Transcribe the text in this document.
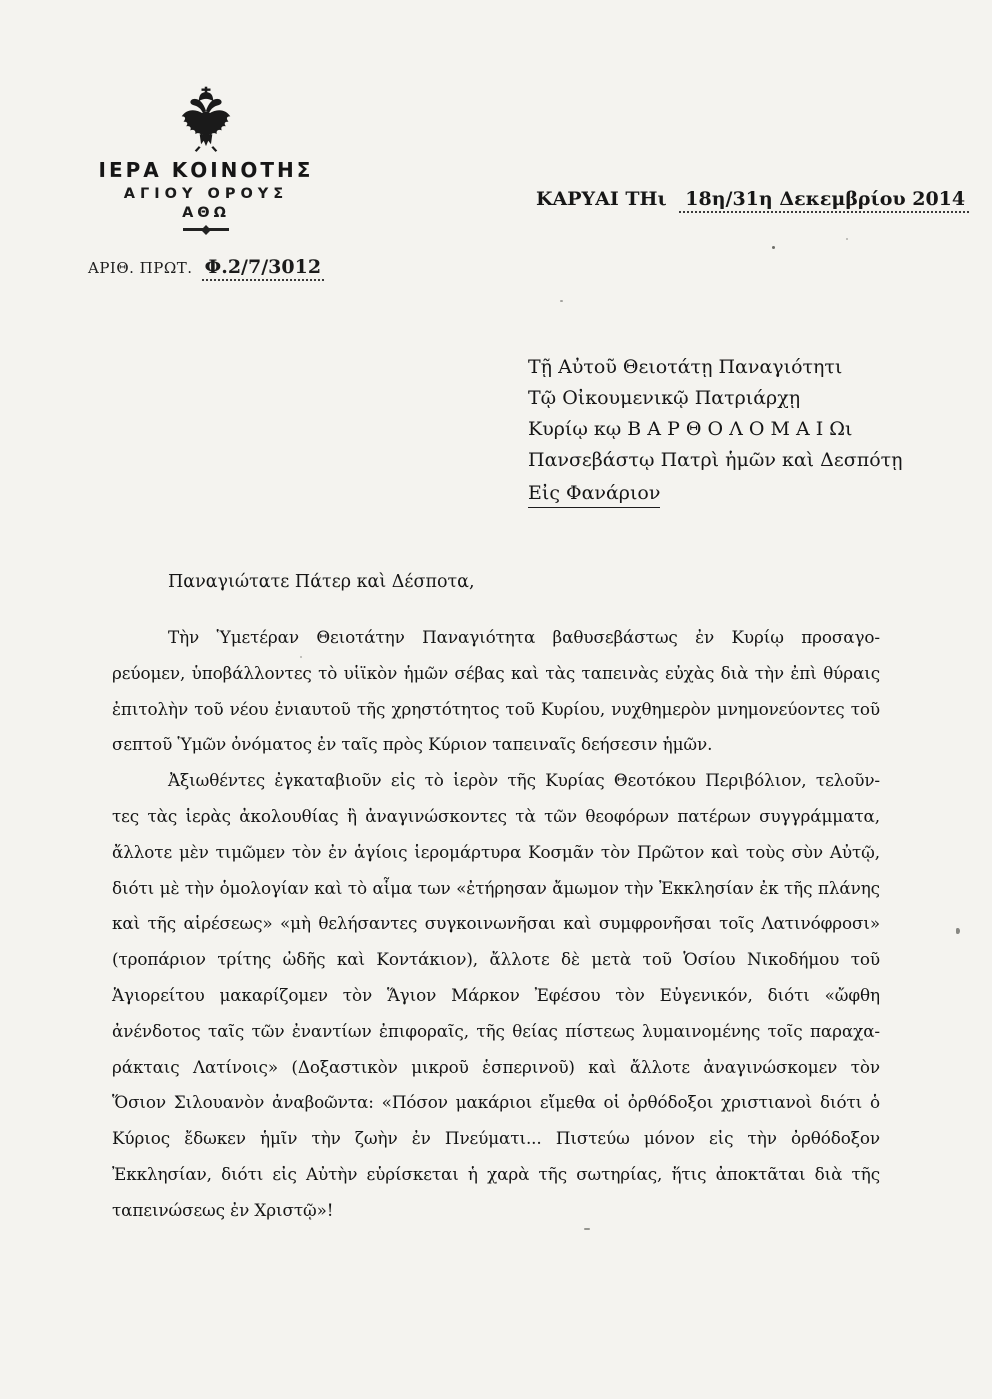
ΙΕΡΑ ΚΟΙΝΟΤΗΣ
ΑΓΙΟΥ ΟΡΟΥΣ
ΑΘΩ
ΑΡΙΘ. ΠΡΩΤ. Φ.2/7/3012
ΚΑΡΥΑΙ ΤΗι 18η/31η Δεκεμβρίου 2014
Τῇ Αὐτοῦ Θειοτάτῃ Παναγιότητι
Τῷ Οἰκουμενικῷ Πατριάρχῃ
Κυρίῳ κῳ Β Α Ρ Θ Ο Λ Ο Μ Α Ι Ωι
Πανσεβάστῳ Πατρὶ ἡμῶν καὶ Δεσπότῃ
Εἰς Φανάριον
Παναγιώτατε Πάτερ καὶ Δέσποτα,
Τὴν Ὑμετέραν Θειοτάτην Παναγιότητα βαθυσεβάστως ἐν Κυρίῳ προσαγο-
ρεύομεν, ὑποβάλλοντες τὸ υἱϊκὸν ἡμῶν σέβας καὶ τὰς ταπεινὰς εὐχὰς διὰ τὴν ἐπὶ θύραις
ἐπιτολὴν τοῦ νέου ἐνιαυτοῦ τῆς χρηστότητος τοῦ Κυρίου, νυχθημερὸν μνημονεύοντες τοῦ
σεπτοῦ Ὑμῶν ὀνόματος ἐν ταῖς πρὸς Κύριον ταπειναῖς δεήσεσιν ἡμῶν.
Ἀξιωθέντες ἐγκαταβιοῦν εἰς τὸ ἱερὸν τῆς Κυρίας Θεοτόκου Περιβόλιον, τελοῦν-
τες τὰς ἱερὰς ἀκολουθίας ἢ ἀναγινώσκοντες τὰ τῶν θεοφόρων πατέρων συγγράμματα,
ἄλλοτε μὲν τιμῶμεν τὸν ἐν ἁγίοις ἱερομάρτυρα Κοσμᾶν τὸν Πρῶτον καὶ τοὺς σὺν Αὐτῷ,
διότι μὲ τὴν ὁμολογίαν καὶ τὸ αἷμα των «ἐτήρησαν ἄμωμον τὴν Ἐκκλησίαν ἐκ τῆς πλάνης
καὶ τῆς αἱρέσεως» «μὴ θελήσαντες συγκοινωνῆσαι καὶ συμφρονῆσαι τοῖς Λατινόφροσι»
(τροπάριον τρίτης ὠδῆς καὶ Κοντάκιον), ἄλλοτε δὲ μετὰ τοῦ Ὁσίου Νικοδήμου τοῦ
Ἁγιορείτου μακαρίζομεν τὸν Ἅγιον Μάρκον Ἐφέσου τὸν Εὐγενικόν, διότι «ὤφθη
ἀνένδοτος ταῖς τῶν ἐναντίων ἐπιφοραῖς, τῆς θείας πίστεως λυμαινομένης τοῖς παραχα-
ράκταις Λατίνοις» (Δοξαστικὸν μικροῦ ἑσπερινοῦ) καὶ ἄλλοτε ἀναγινώσκομεν τὸν
Ὅσιον Σιλουανὸν ἀναβοῶντα: «Πόσον μακάριοι εἴμεθα οἱ ὀρθόδοξοι χριστιανοὶ διότι ὁ
Κύριος ἔδωκεν ἡμῖν τὴν ζωὴν ἐν Πνεύματι... Πιστεύω μόνον εἰς τὴν ὀρθόδοξον
Ἐκκλησίαν, διότι εἰς Αὐτὴν εὑρίσκεται ἡ χαρὰ τῆς σωτηρίας, ἥτις ἀποκτᾶται διὰ τῆς
ταπεινώσεως ἐν Χριστῷ»!
